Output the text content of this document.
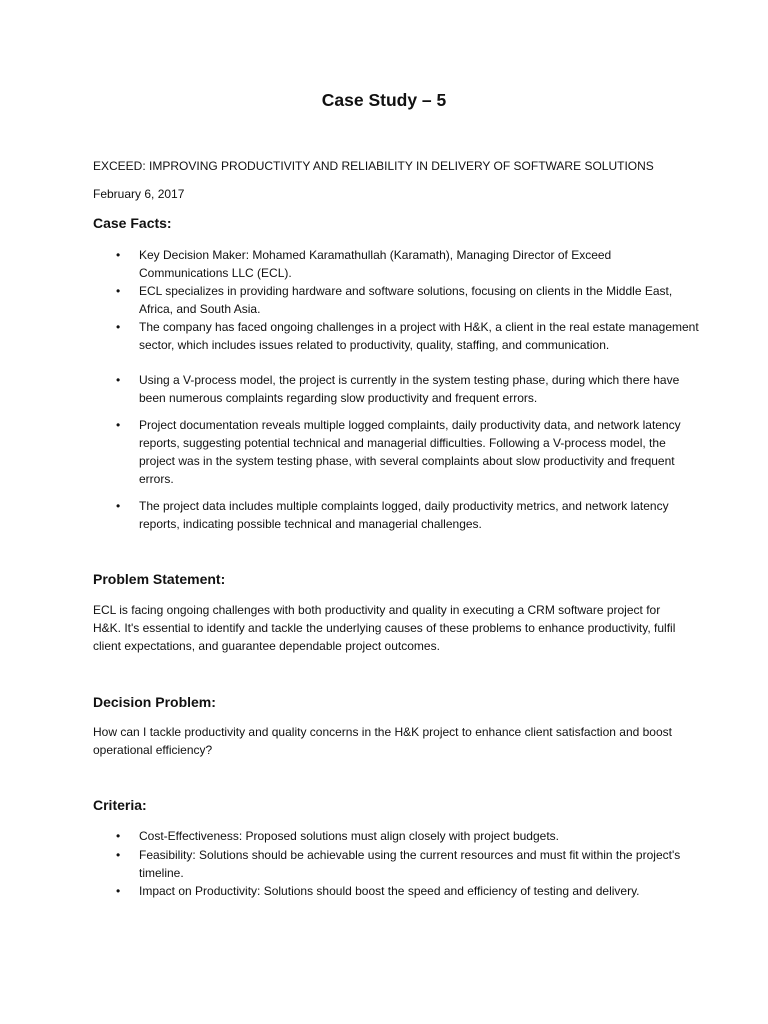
Case Study – 5

EXCEED: IMPROVING PRODUCTIVITY AND RELIABILITY IN DELIVERY OF SOFTWARE SOLUTIONS

February 6, 2017

Case Facts:
•	Key Decision Maker: Mohamed Karamathullah (Karamath), Managing Director of Exceed Communications LLC (ECL).

•	ECL specializes in providing hardware and software solutions, focusing on clients in the Middle East, Africa, and South Asia.

•	The company has faced ongoing challenges in a project with H&K, a client in the real estate management sector, which includes issues related to productivity, quality, staffing, and communication.

•	Using a V-process model, the project is currently in the system testing phase, during which there have been numerous complaints regarding slow productivity and frequent errors.

•	Project documentation reveals multiple logged complaints, daily productivity data, and network latency reports, suggesting potential technical and managerial difficulties. Following a V-process model, the project was in the system testing phase, with several complaints about slow productivity and frequent errors.

•	The project data includes multiple complaints logged, daily productivity metrics, and network latency reports, indicating possible technical and managerial challenges.

Problem Statement:

ECL is facing ongoing challenges with both productivity and quality in executing a CRM software project for H&K. It's essential to identify and tackle the underlying causes of these problems to enhance productivity, fulfil client expectations, and guarantee dependable project outcomes.

Decision Problem:

How can I tackle productivity and quality concerns in the H&K project to enhance client satisfaction and boost operational efficiency?

Criteria:
•	Cost-Effectiveness: Proposed solutions must align closely with project budgets.

•	Feasibility: Solutions should be achievable using the current resources and must fit within the project's timeline.

•	Impact on Productivity: Solutions should boost the speed and efficiency of testing and delivery.
